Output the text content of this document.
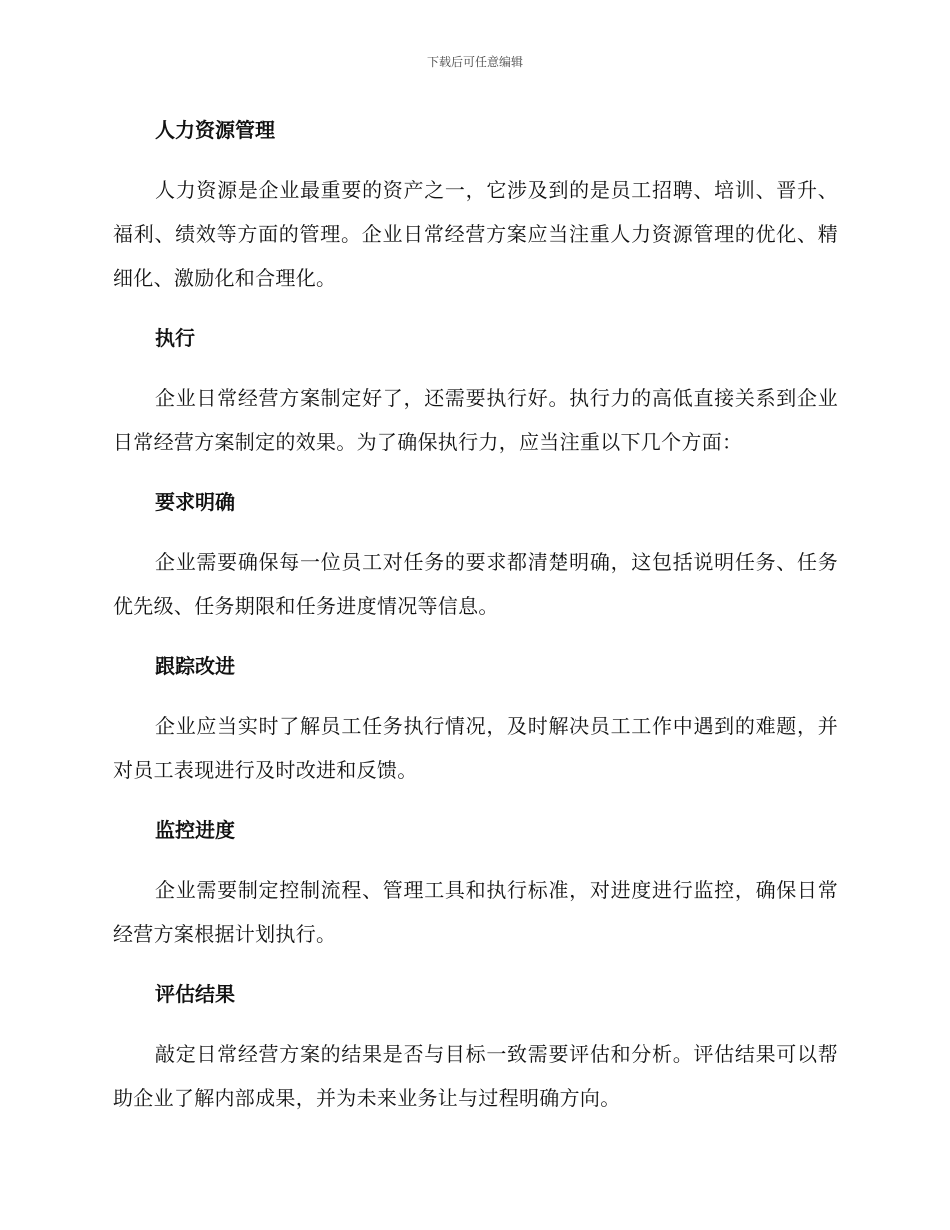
下载后可任意编辑
人力资源管理
人力资源是企业最重要的资产之一，它涉及到的是员工招聘、培训、晋升、福利、绩效等方面的管理。企业日常经营方案应当注重人力资源管理的优化、精细化、激励化和合理化。
执行
企业日常经营方案制定好了，还需要执行好。执行力的高低直接关系到企业日常经营方案制定的效果。为了确保执行力，应当注重以下几个方面：
要求明确
企业需要确保每一位员工对任务的要求都清楚明确，这包括说明任务、任务优先级、任务期限和任务进度情况等信息。
跟踪改进
企业应当实时了解员工任务执行情况，及时解决员工工作中遇到的难题，并对员工表现进行及时改进和反馈。
监控进度
企业需要制定控制流程、管理工具和执行标准，对进度进行监控，确保日常经营方案根据计划执行。
评估结果
敲定日常经营方案的结果是否与目标一致需要评估和分析。评估结果可以帮助企业了解内部成果，并为未来业务让与过程明确方向。
